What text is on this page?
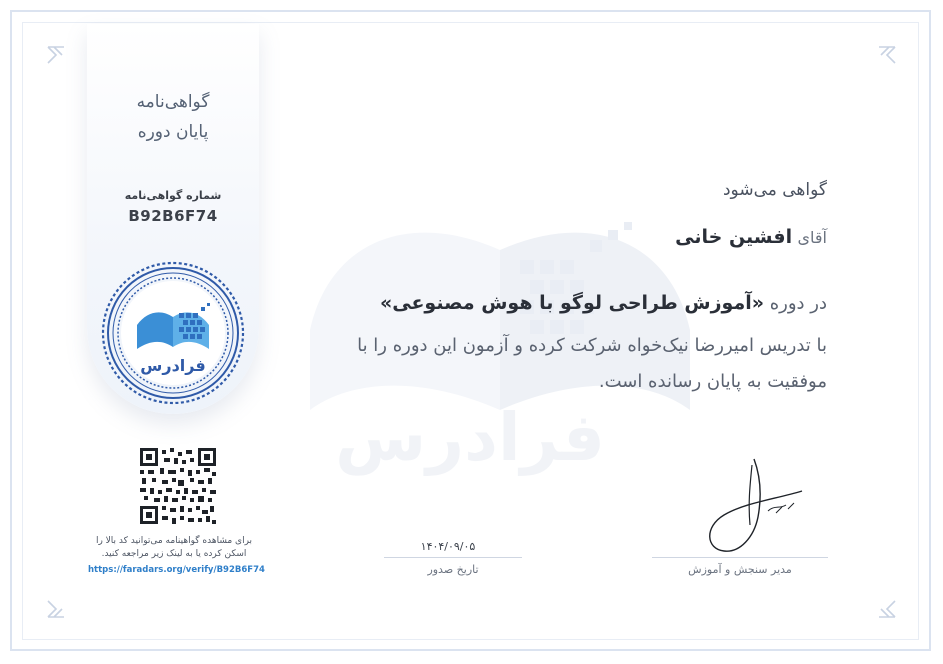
فرادرس
گواهی‌نامه
پایان دوره
شماره گواهی‌نامه
B92B6F74
فرادرس
برای مشاهده گواهینامه می‌توانید کد بالا را
اسکن کرده یا به لینک زیر مراجعه کنید.
https://faradars.org/verify/B92B6F74
گواهی می‌شود
آقای افشین خانی
در دوره «آموزش طراحی لوگو با هوش مصنوعی»
با تدریس امیررضا نیک‌خواه شرکت کرده و آزمون این دوره را با
موفقیت به پایان رسانده است.
۱۴۰۴/۰۹/۰۵
تاریخ صدور	مدیر سنجش و آموزش
